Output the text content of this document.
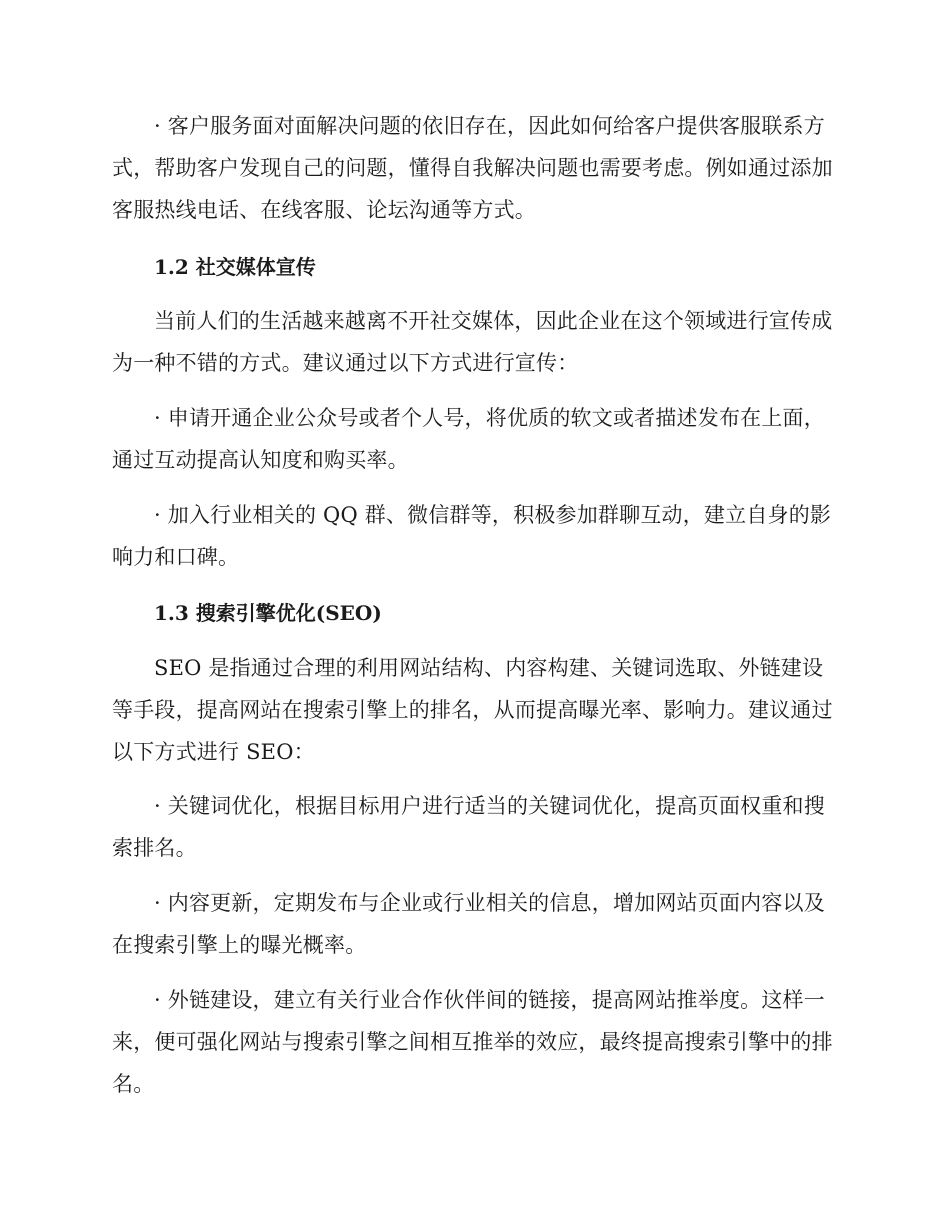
· 客户服务面对面解决问题的依旧存在，因此如何给客户提供客服联系方式，帮助客户发现自己的问题，懂得自我解决问题也需要考虑。例如通过添加客服热线电话、在线客服、论坛沟通等方式。

1.2 社交媒体宣传

当前人们的生活越来越离不开社交媒体，因此企业在这个领域进行宣传成为一种不错的方式。建议通过以下方式进行宣传：

· 申请开通企业公众号或者个人号，将优质的软文或者描述发布在上面，通过互动提高认知度和购买率。

· 加入行业相关的 QQ 群、微信群等，积极参加群聊互动，建立自身的影响力和口碑。

1.3 搜索引擎优化(SEO)

SEO 是指通过合理的利用网站结构、内容构建、关键词选取、外链建设等手段，提高网站在搜索引擎上的排名，从而提高曝光率、影响力。建议通过以下方式进行 SEO：

· 关键词优化，根据目标用户进行适当的关键词优化，提高页面权重和搜索排名。

· 内容更新，定期发布与企业或行业相关的信息，增加网站页面内容以及在搜索引擎上的曝光概率。

· 外链建设，建立有关行业合作伙伴间的链接，提高网站推举度。这样一来，便可强化网站与搜索引擎之间相互推举的效应，最终提高搜索引擎中的排名。
